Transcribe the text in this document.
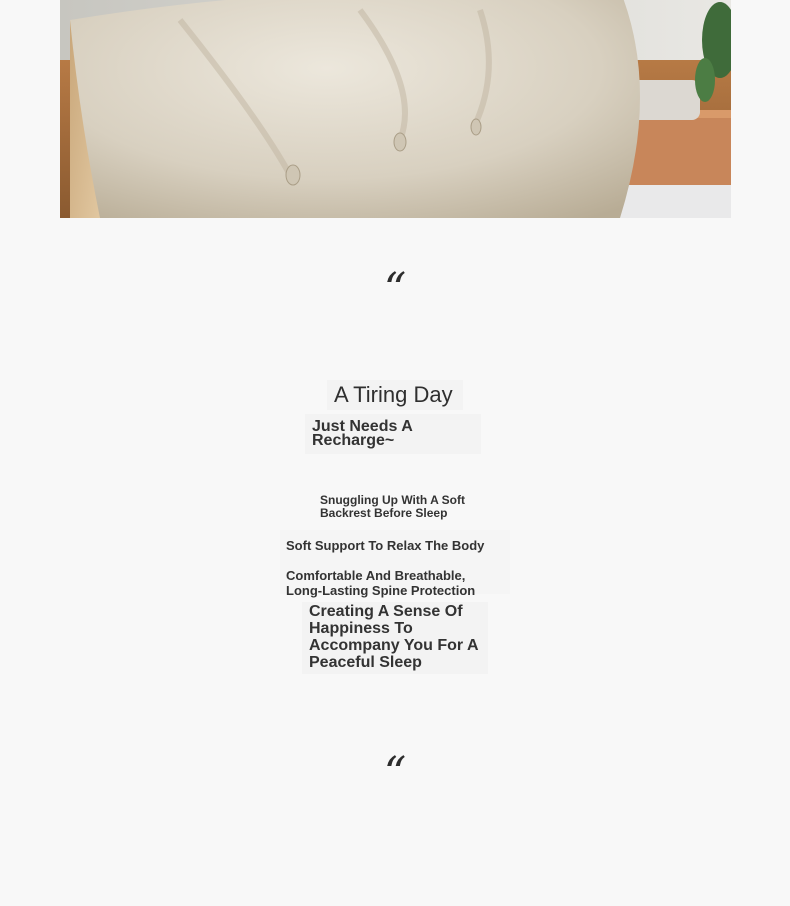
“
A Tiring Day
Just Needs A Recharge~
Snuggling Up With A Soft Backrest Before Sleep
Soft Support To Relax The Body
Comfortable And Breathable, Long-Lasting Spine Protection
Creating A Sense Of Happiness To Accompany You For A Peaceful Sleep
“
